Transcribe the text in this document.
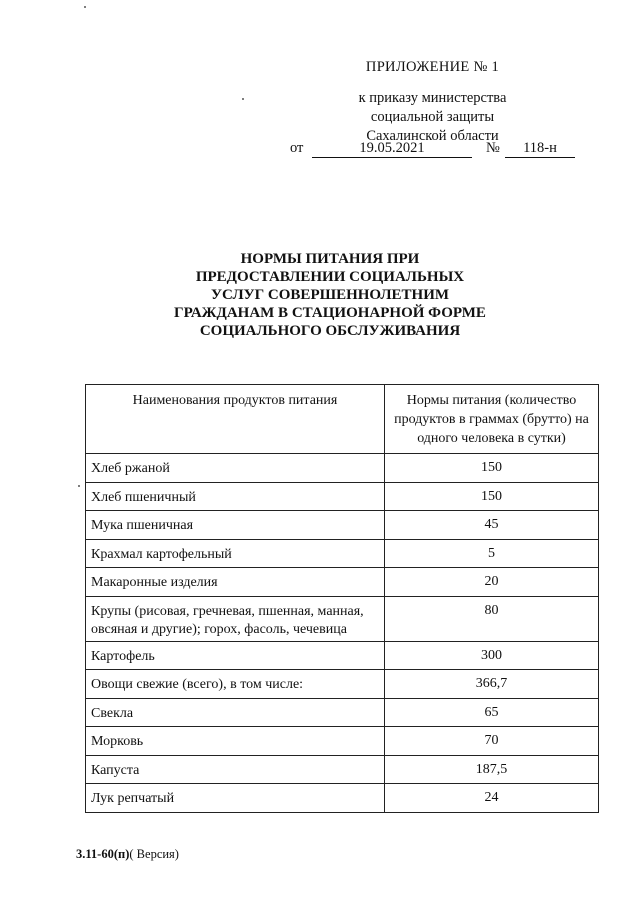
ПРИЛОЖЕНИЕ № 1
к приказу министерства
социальной защиты
Сахалинской области
от	19.05.2021	№	118-н
НОРМЫ ПИТАНИЯ ПРИ
ПРЕДОСТАВЛЕНИИ СОЦИАЛЬНЫХ
УСЛУГ СОВЕРШЕННОЛЕТНИМ
ГРАЖДАНАМ В СТАЦИОНАРНОЙ ФОРМЕ
СОЦИАЛЬНОГО ОБСЛУЖИВАНИЯ
Наименования продуктов питания	Нормы питания (количество продуктов в граммах (брутто) на одного человека в сутки)
Хлеб ржаной	150
Хлеб пшеничный	150
Мука пшеничная	45
Крахмал картофельный	5
Макаронные изделия	20
Крупы (рисовая, гречневая, пшенная, манная, овсяная и другие); горох, фасоль, чечевица	80
Картофель	300
Овощи свежие (всего), в том числе:	366,7
Свекла	65
Морковь	70
Капуста	187,5
Лук репчатый	24
3.11-60(п)( Версия)
